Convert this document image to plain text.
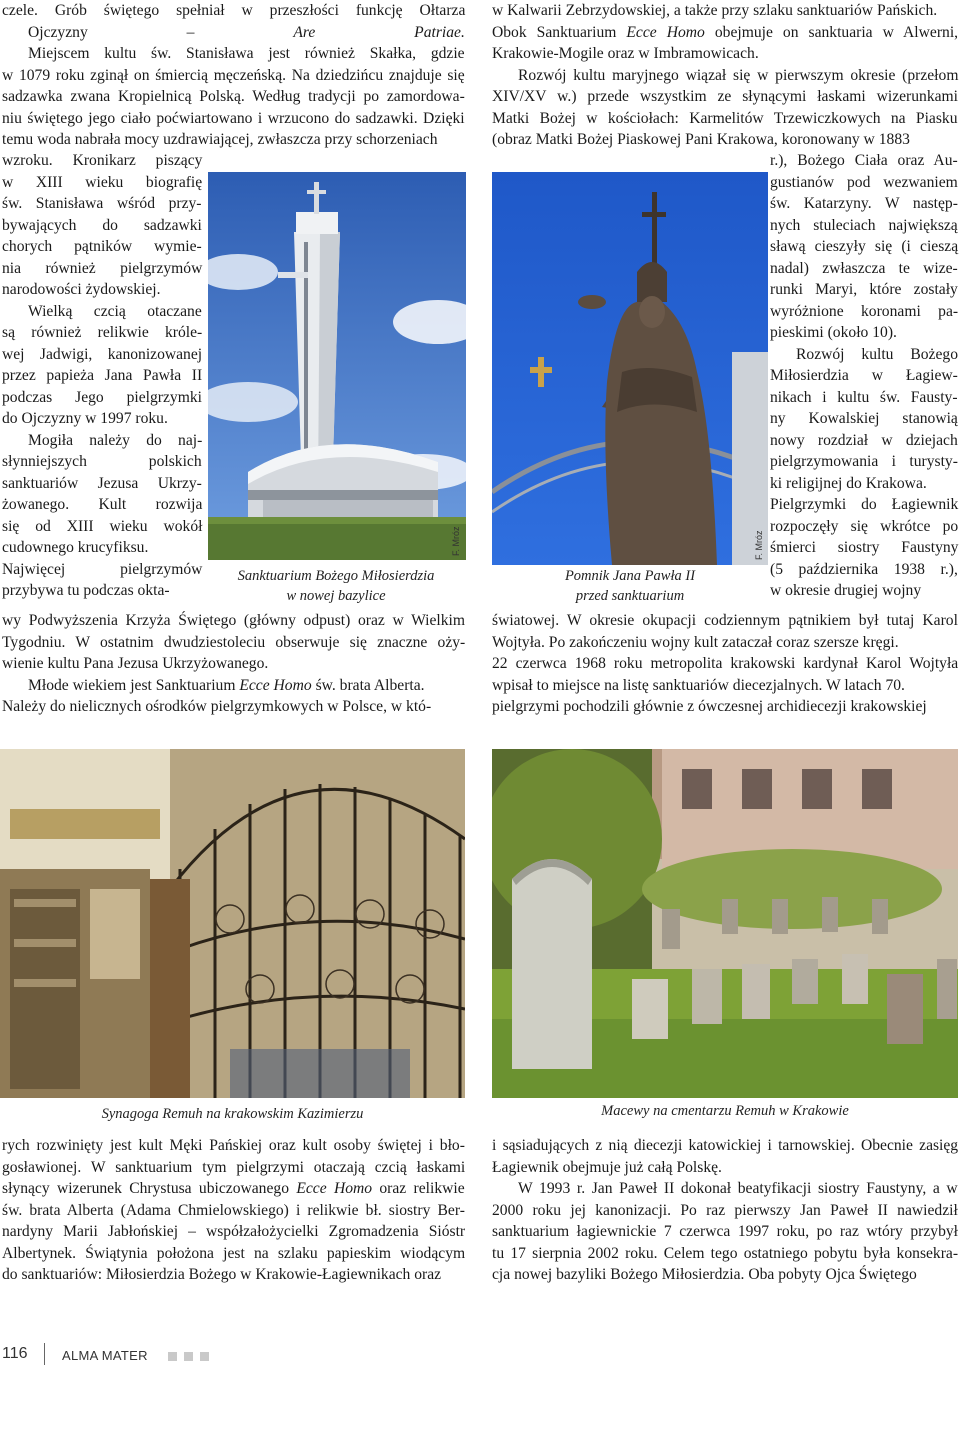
czele. Grób świętego spełniał w przeszłości funkcję Ołtarza
Ojczyzny – Are Patriae.
Miejscem kultu św. Stanisława jest również Skałka, gdzie
w 1079 roku zginął on śmiercią męczeńską. Na dziedzińcu znajduje się
sadzawka zwana Kropielnicą Polską. Według tradycji po zamordowa-
niu świętego jego ciało poćwiartowano i wrzucono do sadzawki. Dzięki
temu woda nabrała mocy uzdrawiającej, zwłaszcza przy schorzeniach
wzroku. Kronikarz piszący
w XIII wieku biografię
św. Stanisława wśród przy-
bywających do sadzawki
chorych pątników wymie-
nia również pielgrzymów
narodowości żydowskiej.
Wielką czcią otaczane
są również relikwie króle-
wej Jadwigi, kanonizowanej
przez papieża Jana Pawła II
podczas Jego pielgrzymki
do Ojczyzny w 1997 roku.
Mogiła należy do naj-
słynniejszych polskich
sanktuariów Jezusa Ukrzy-
żowanego. Kult rozwija
się od XIII wieku wokół
cudownego krucyfiksu.
Najwięcej pielgrzymów
przybywa tu podczas okta-
wy Podwyższenia Krzyża Świętego (główny odpust) oraz w Wielkim
Tygodniu. W ostatnim dwudziestoleciu obserwuje się znaczne oży-
wienie kultu Pana Jezusa Ukrzyżowanego.
Młode wiekiem jest Sanktuarium Ecce Homo św. brata Alberta.
Należy do nielicznych ośrodków pielgrzymkowych w Polsce, w któ-
w Kalwarii Zebrzydowskiej, a także przy szlaku sanktuariów Pańskich.
Obok Sanktuarium Ecce Homo obejmuje on sanktuaria w Alwerni,
Krakowie-Mogile oraz w Imbramowicach.
Rozwój kultu maryjnego wiązał się w pierwszym okresie (przełom
XIV/XV w.) przede wszystkim ze słynącymi łaskami wizerunkami
Matki Bożej w kościołach: Karmelitów Trzewiczkowych na Piasku
(obraz Matki Bożej Piaskowej Pani Krakowa, koronowany w 1883
r.), Bożego Ciała oraz Au-
gustianów pod wezwaniem
św. Katarzyny. W następ-
nych stuleciach największą
sławą cieszyły się (i cieszą
nadal) zwłaszcza te wize-
runki Maryi, które zostały
wyróżnione koronami pa-
pieskimi (około 10).
Rozwój kultu Bożego
Miłosierdzia w Łagiew-
nikach i kultu św. Fausty-
ny Kowalskiej stanowią
nowy rozdział w dziejach
pielgrzymowania i turysty-
ki religijnej do Krakowa.
Pielgrzymki do Łagiewnik
rozpoczęły się wkrótce po
śmierci siostry Faustyny
(5 października 1938 r.),
w okresie drugiej wojny
światowej. W okresie okupacji codziennym pątnikiem był tutaj Karol
Wojtyła. Po zakończeniu wojny kult zataczał coraz szersze kręgi.
22 czerwca 1968 roku metropolita krakowski kardynał Karol Wojtyła
wpisał to miejsce na listę sanktuariów diecezjalnych. W latach 70.
pielgrzymi pochodzili głównie z ówczesnej archidiecezji krakowskiej
rych rozwinięty jest kult Męki Pańskiej oraz kult osoby świętej i bło-
gosławionej. W sanktuarium tym pielgrzymi otaczają czcią łaskami
słynący wizerunek Chrystusa ubiczowanego Ecce Homo oraz relikwie
św. brata Alberta (Adama Chmielowskiego) i relikwie bł. siostry Ber-
nardyny Marii Jabłońskiej – współzałożycielki Zgromadzenia Sióstr
Albertynek. Świątynia położona jest na szlaku papieskim wiodącym
do sanktuariów: Miłosierdzia Bożego w Krakowie-Łagiewnikach oraz
i sąsiadujących z nią diecezji katowickiej i tarnowskiej. Obecnie zasięg
Łagiewnik obejmuje już całą Polskę.
W 1993 r. Jan Paweł II dokonał beatyfikacji siostry Faustyny, a w
2000 roku jej kanonizacji. Po raz pierwszy Jan Paweł II nawiedził
sanktuarium łagiewnickie 7 czerwca 1997 roku, po raz wtóry przybył
tu 17 sierpnia 2002 roku. Celem tego ostatniego pobytu była konsekra-
cja nowej bazyliki Bożego Miłosierdzia. Oba pobyty Ojca Świętego
F. Mróz
Sanktuarium Bożego Miłosierdzia
w nowej bazylice
F. Mróz
Pomnik Jana Pawła II
przed sanktuarium
Synagoga Remuh na krakowskim Kazimierzu	Macewy na cmentarzu Remuh w Krakowie
116	ALMA MATER
